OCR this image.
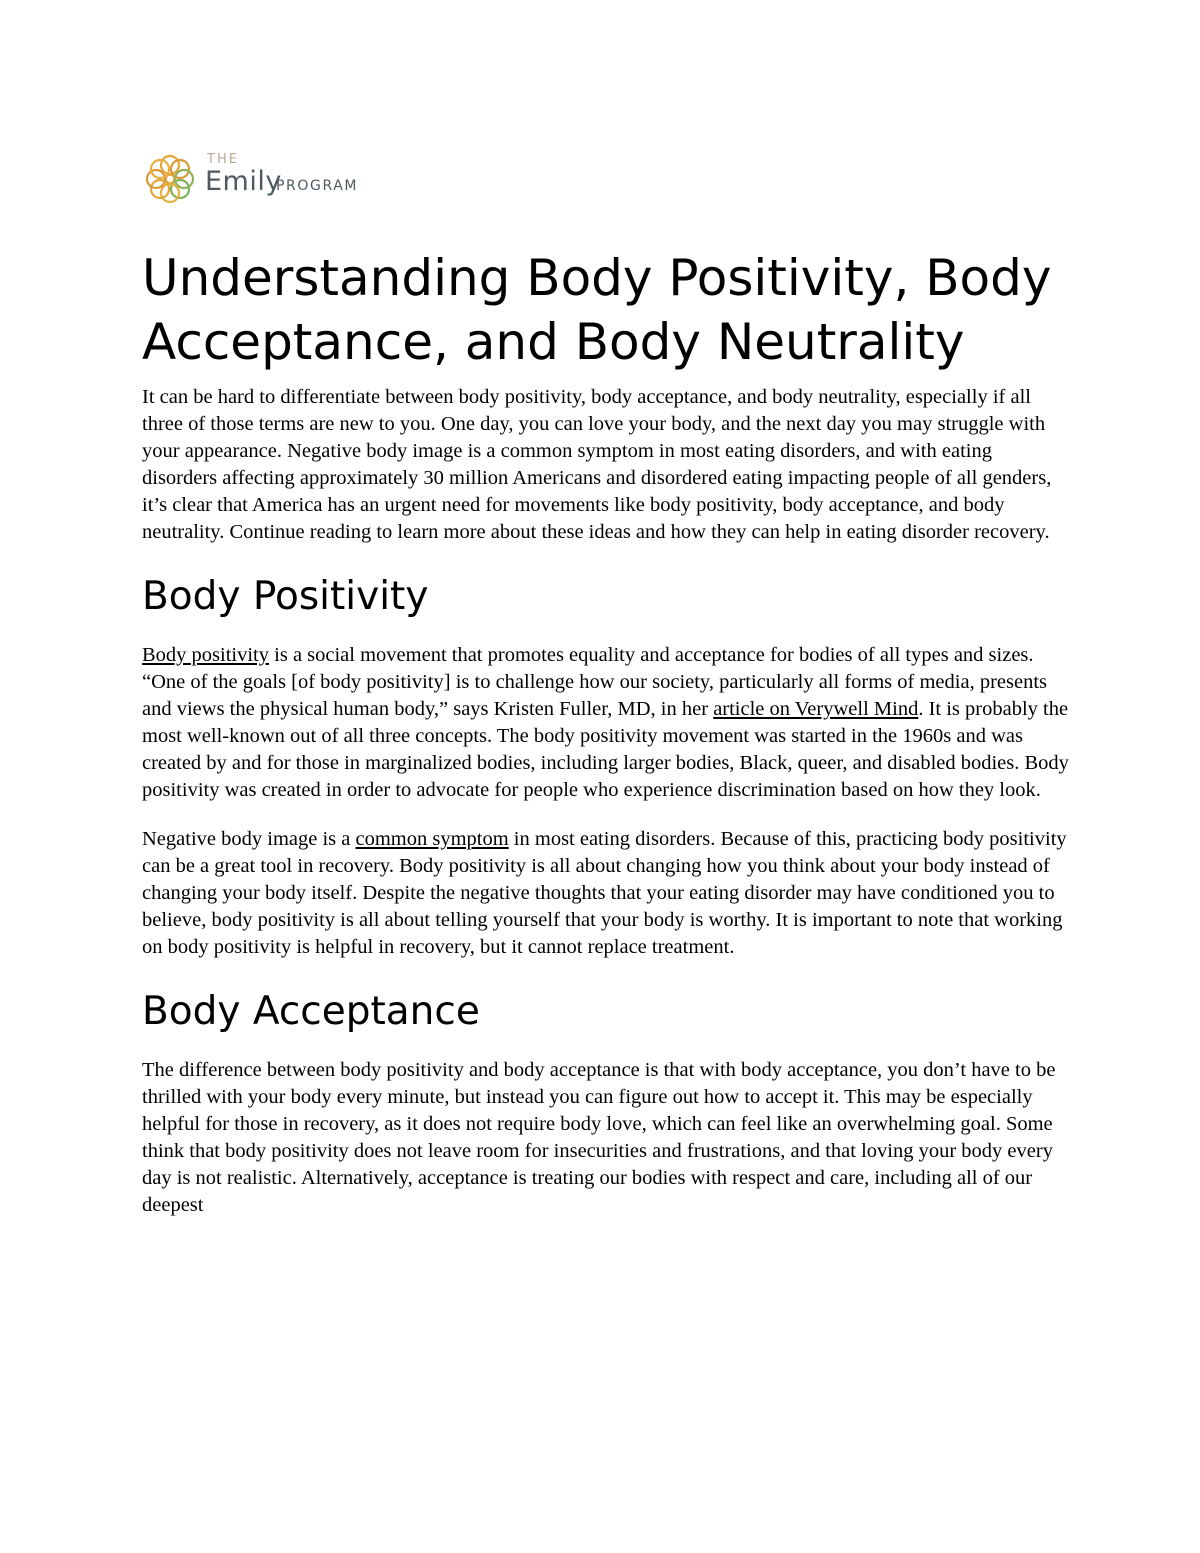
THE
Emily
PROGRAM
Understanding Body Positivity, Body Acceptance, and Body Neutrality

It can be hard to differentiate between body positivity, body acceptance, and body neutrality, especially if all three of those terms are new to you. One day, you can love your body, and the next day you may struggle with your appearance. Negative body image is a common symptom in most eating disorders, and with eating disorders affecting approximately 30 million Americans and disordered eating impacting people of all genders, it’s clear that America has an urgent need for movements like body positivity, body acceptance, and body neutrality. Continue reading to learn more about these ideas and how they can help in eating disorder recovery.

Body Positivity

Body positivity is a social movement that promotes equality and acceptance for bodies of all types and sizes. “One of the goals [of body positivity] is to challenge how our society, particularly all forms of media, presents and views the physical human body,” says Kristen Fuller, MD, in her article on Verywell Mind. It is probably the most well-known out of all three concepts. The body positivity movement was started in the 1960s and was created by and for those in marginalized bodies, including larger bodies, Black, queer, and disabled bodies. Body positivity was created in order to advocate for people who experience discrimination based on how they look.

Negative body image is a common symptom in most eating disorders. Because of this, practicing body positivity can be a great tool in recovery. Body positivity is all about changing how you think about your body instead of changing your body itself. Despite the negative thoughts that your eating disorder may have conditioned you to believe, body positivity is all about telling yourself that your body is worthy. It is important to note that working on body positivity is helpful in recovery, but it cannot replace treatment.

Body Acceptance

The difference between body positivity and body acceptance is that with body acceptance, you don’t have to be thrilled with your body every minute, but instead you can figure out how to accept it. This may be especially helpful for those in recovery, as it does not require body love, which can feel like an overwhelming goal. Some think that body positivity does not leave room for insecurities and frustrations, and that loving your body every day is not realistic. Alternatively, acceptance is treating our bodies with respect and care, including all of our deepest
